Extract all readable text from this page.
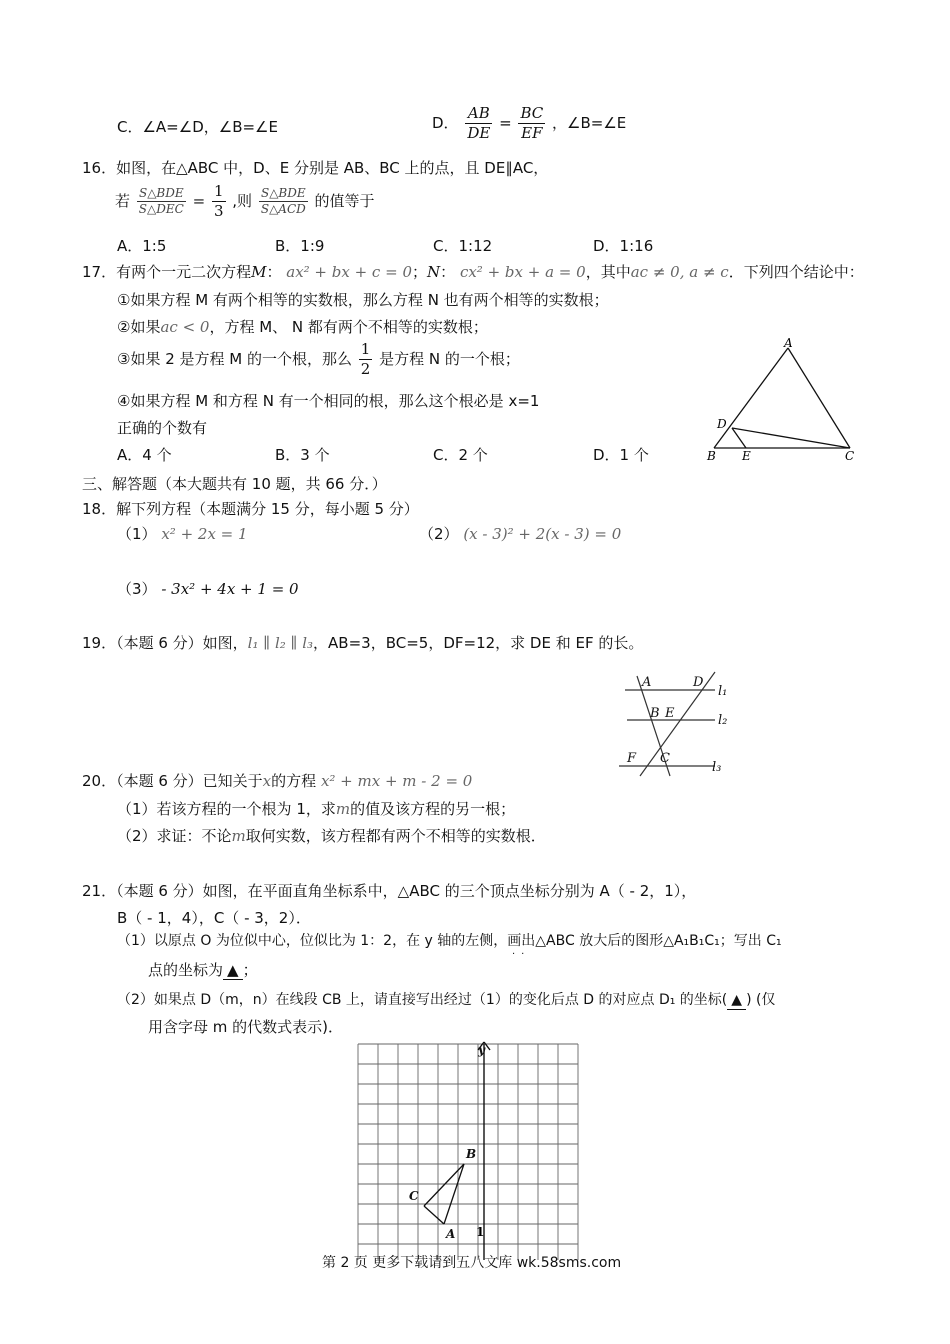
C．∠A=∠D，∠B=∠E	D． $\frac{AB}{DE} = \frac{BC}{EF}$ ，∠B=∠E
16．如图，在△ABC 中，D、E 分别是 AB、BC 上的点，且 DE∥AC，
若 $\frac{\text{S△BDE}}{\text{S△DEC}} = \frac{1}{3}$ ,则 $\frac{\text{S△BDE}}{\text{S△ACD}}$ 的值等于
A．1:5	B．1:9	C．1:12	D．1:16
17．有两个一元二次方程M： ax² + bx + c = 0；N： cx² + bx + a = 0，其中ac ≠ 0, a ≠ c．下列四个结论中：
①如果方程 M 有两个相等的实数根，那么方程 N 也有两个相等的实数根；
②如果ac < 0，方程 M、 N 都有两个不相等的实数根；
③如果 2 是方程 M 的一个根，那么 $\frac{1}{2}$ 是方程 N 的一个根；
④如果方程 M 和方程 N 有一个相同的根，那么这个根必是 x=1
正确的个数有
A．4 个	B．3 个	C．2 个	D．1 个
A
D
B E	C
三、解答题（本大题共有 10 题，共 66 分．）
18．解下列方程（本题满分 15 分，每小题 5 分）
（1） x² + 2x = 1	（2） (x - 3)² + 2(x - 3) = 0
（3） - 3x² + 4x + 1 = 0
19．（本题 6 分）如图，l₁ ∥ l₂ ∥ l₃，AB=3，BC=5，DF=12，求 DE 和 EF 的长。
A	D
l₁
B E	l₂
F C
l₃
20．（本题 6 分）已知关于x的方程 x² + mx + m - 2 = 0
（1）若该方程的一个根为 1，求m的值及该方程的另一根；
（2）求证：不论m取何实数，该方程都有两个不相等的实数根．
21．（本题 6 分）如图，在平面直角坐标系中，△ABC 的三个顶点坐标分别为 A（ - 2，1），
B（ - 1，4），C（ - 3，2）．
（1）以原点 O 为位似中心，位似比为 1：2，在 y 轴的左侧，画出△ABC 放大后的图形△A₁B₁C₁；写出 C₁
··
点的坐标为 ▲ ；
（2）如果点 D（m，n）在线段 CB 上，请直接写出经过（1）的变化后点 D 的对应点 D₁ 的坐标( ▲ ) (仅
用含字母 m 的代数式表示)．
y
B
C
A 1
第 2 页 更多下载请到五八文库 wk.58sms.com
